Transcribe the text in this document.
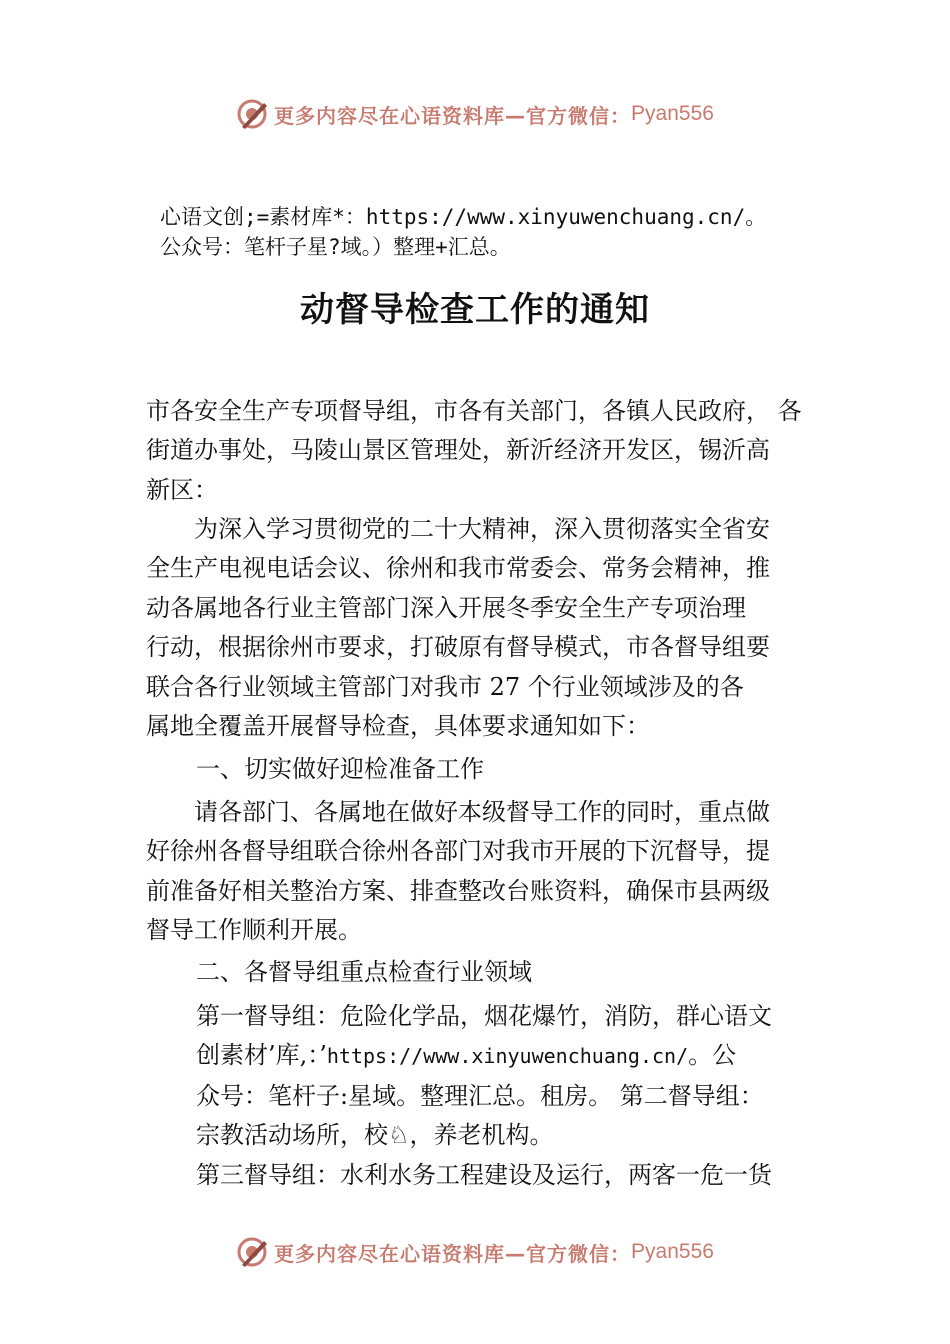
更多内容尽在心语资料库—官方微信： Pyan556
心语文创;=素材库*：https://www.xinyuwenchuang.cn/。
公众号：笔杆子星?域。）整理+汇总。
动督导检查工作的通知
市各安全生产专项督导组，市各有关部门，各镇人民政府， 各
街道办事处，马陵山景区管理处，新沂经济开发区，锡沂高
新区：
为深入学习贯彻党的二十大精神，深入贯彻落实全省安
全生产电视电话会议、徐州和我市常委会、常务会精神，推
动各属地各行业主管部门深入开展冬季安全生产专项治理
行动，根据徐州市要求，打破原有督导模式，市各督导组要
联合各行业领域主管部门对我市 27 个行业领域涉及的各
属地全覆盖开展督导检查，具体要求通知如下：
一、切实做好迎检准备工作
请各部门、各属地在做好本级督导工作的同时，重点做
好徐州各督导组联合徐州各部门对我市开展的下沉督导，提
前准备好相关整治方案、排查整改台账资料，确保市县两级
督导工作顺利开展。
二、各督导组重点检查行业领域
第一督导组：危险化学品，烟花爆竹，消防，群心语文
创素材’库,：’https://www.xinyuwenchuang.cn/。公
众号：笔杆子:星域。整理汇总。租房。 第二督导组：
宗教活动场所，校♘，养老机构。
第三督导组：水利水务工程建设及运行，两客一危一货
更多内容尽在心语资料库—官方微信： Pyan556
